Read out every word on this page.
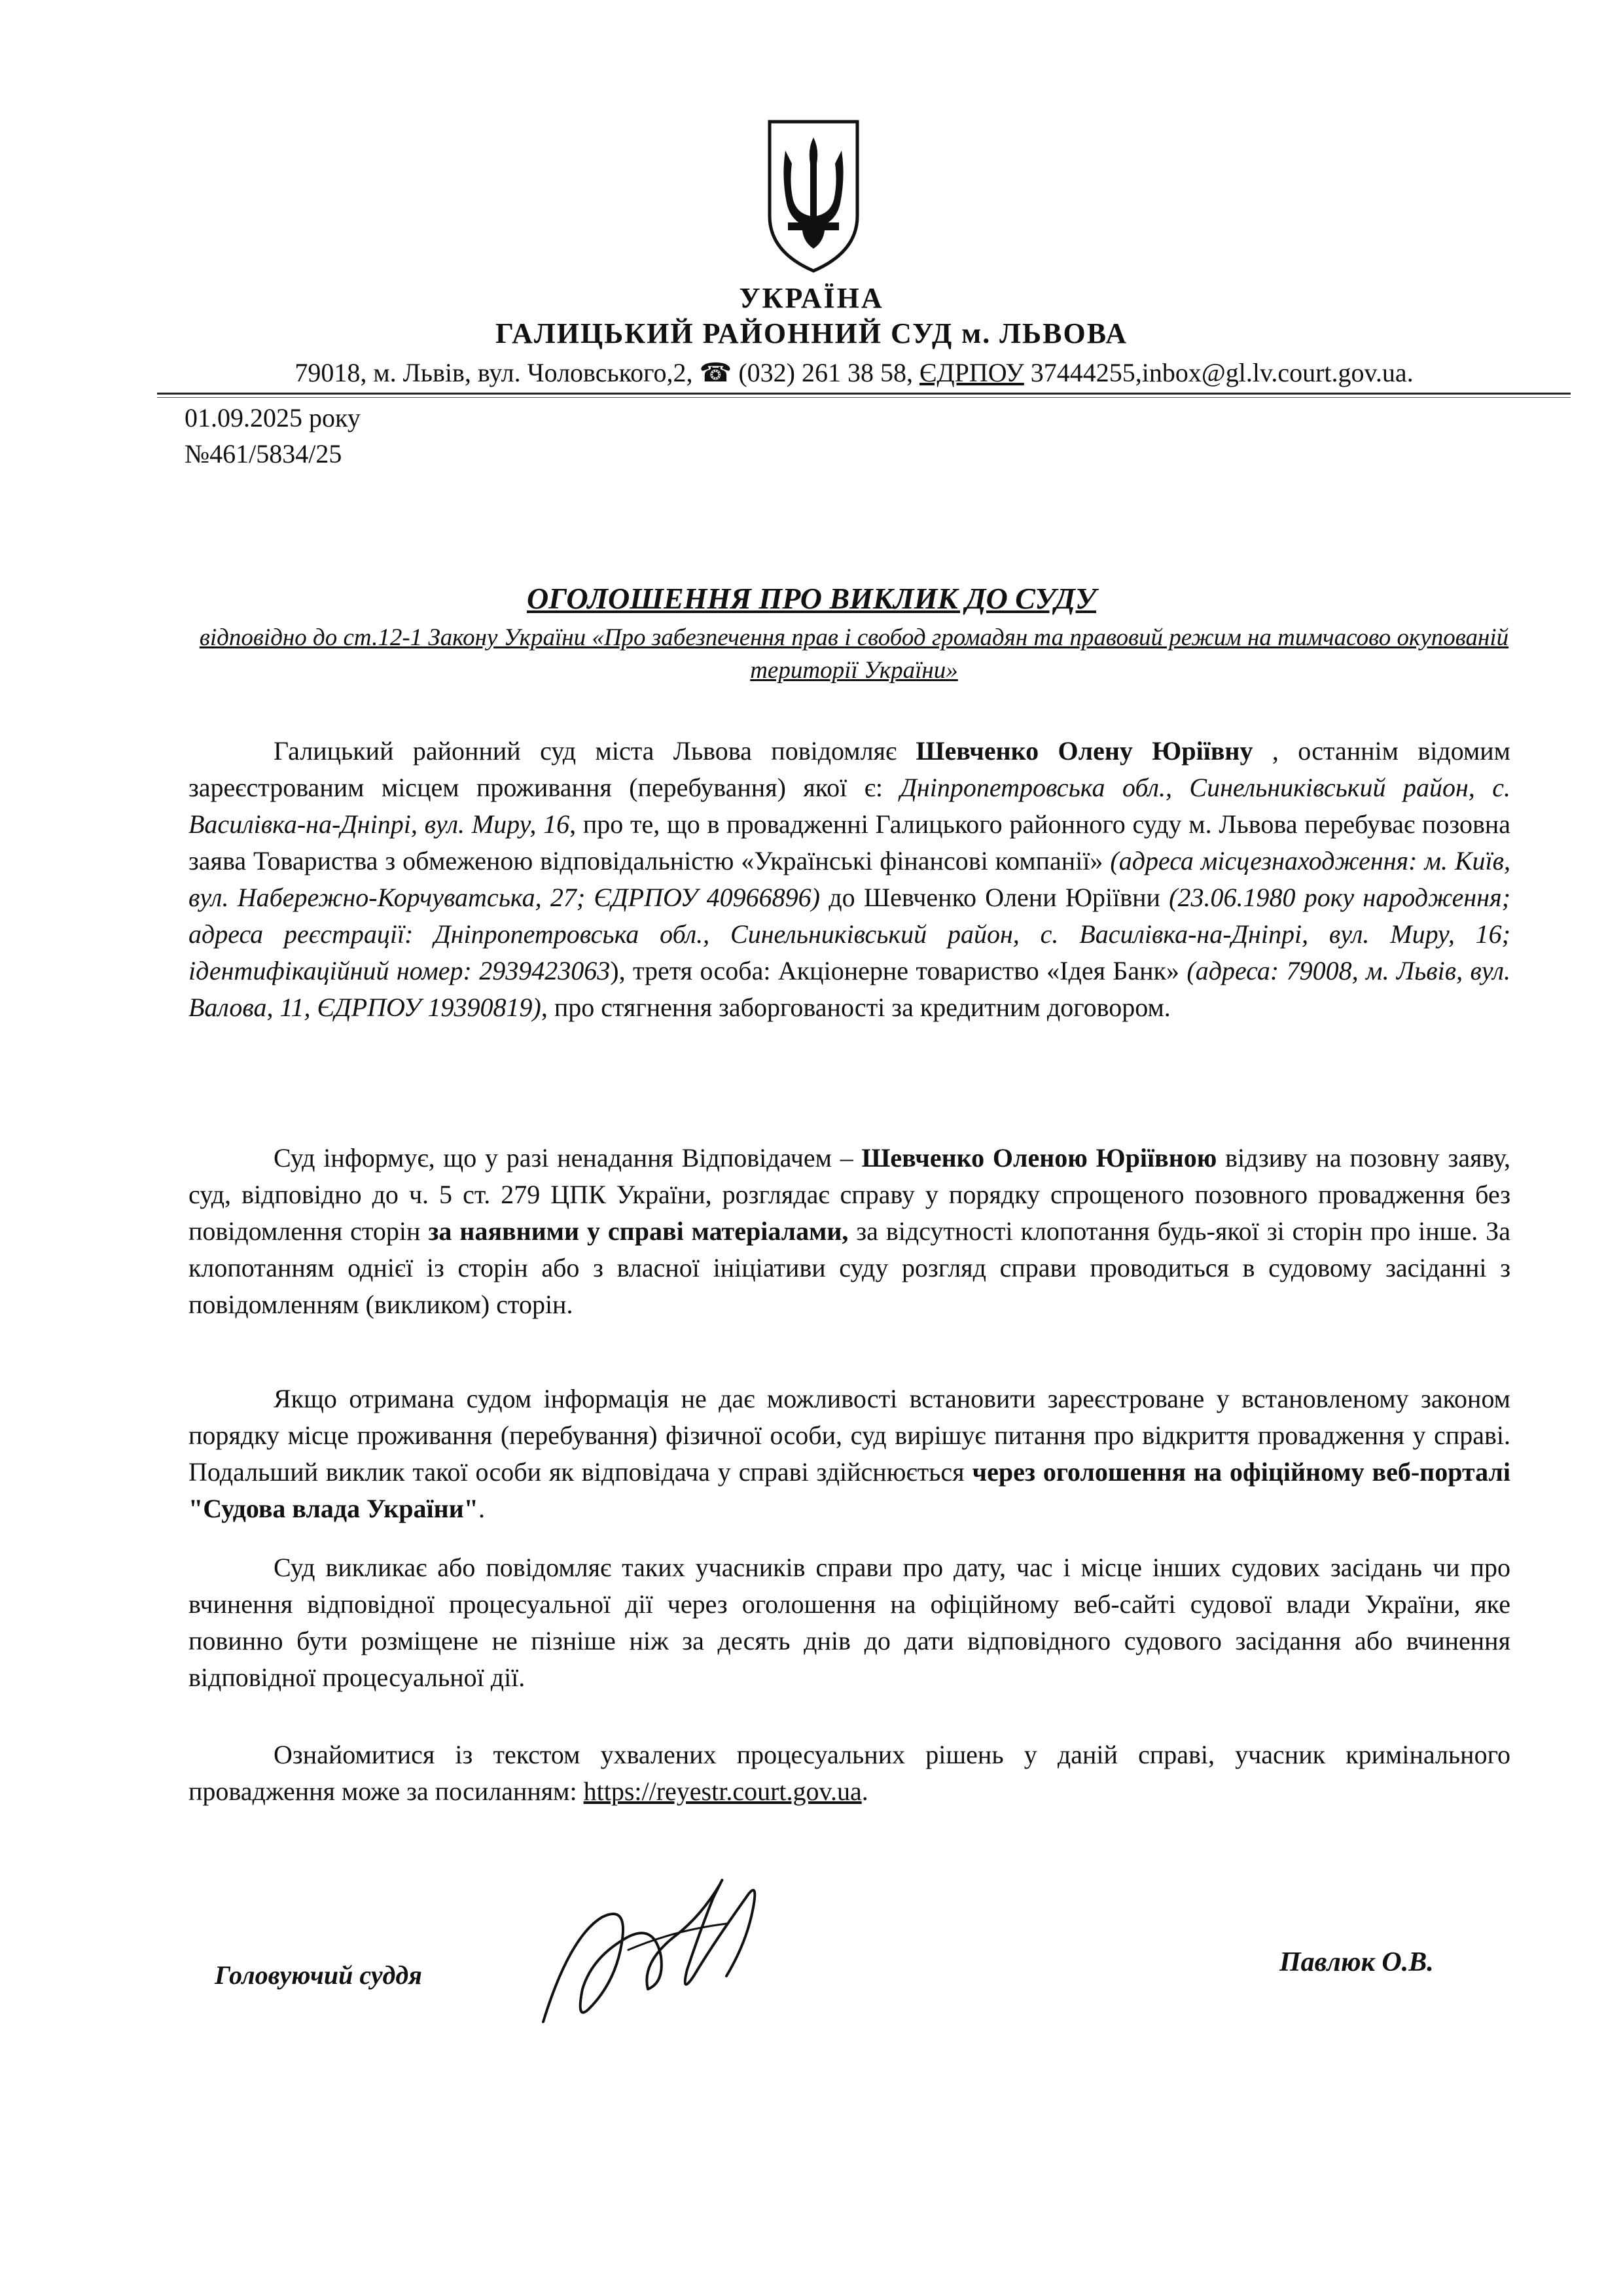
УКРАЇНА
ГАЛИЦЬКИЙ РАЙОННИЙ СУД м. ЛЬВОВА
79018, м. Львів, вул. Чоловського,2, ☎ (032) 261 38 58, ЄДРПОУ 37444255,inbox@gl.lv.court.gov.ua.
01.09.2025 року
№461/5834/25
ОГОЛОШЕННЯ ПРО ВИКЛИК ДО СУДУ
відповідно до ст.12-1 Закону України «Про забезпечення прав і свобод громадян та правовий режим на тимчасово окупованій території України»

Галицький районний суд міста Львова повідомляє Шевченко Олену Юріївну , останнім відомим зареєстрованим місцем проживання (перебування) якої є: Дніпропетровська обл., Синельниківський район, с. Василівка-на-Дніпрі, вул. Миру, 16, про те, що в провадженні Галицького районного суду м. Львова перебуває позовна заява Товариства з обмеженою відповідальністю «Українські фінансові компанії» (адреса місцезнаходження: м. Київ, вул. Набережно-Корчуватська, 27; ЄДРПОУ 40966896) до Шевченко Олени Юріївни (23.06.1980 року народження; адреса реєстрації: Дніпропетровська обл., Синельниківський район, с. Василівка-на-Дніпрі, вул. Миру, 16; ідентифікаційний номер: 2939423063), третя особа: Акціонерне товариство «Ідея Банк» (адреса: 79008, м. Львів, вул. Валова, 11, ЄДРПОУ 19390819), про стягнення заборгованості за кредитним договором.

Суд інформує, що у разі ненадання Відповідачем – Шевченко Оленою Юріївною відзиву на позовну заяву, суд, відповідно до ч. 5 ст. 279 ЦПК України, розглядає справу у порядку спрощеного позовного провадження без повідомлення сторін за наявними у справі матеріалами, за відсутності клопотання будь-якої зі сторін про інше. За клопотанням однієї із сторін або з власної ініціативи суду розгляд справи проводиться в судовому засіданні з повідомленням (викликом) сторін.

Якщо отримана судом інформація не дає можливості встановити зареєстроване у встановленому законом порядку місце проживання (перебування) фізичної особи, суд вирішує питання про відкриття провадження у справі. Подальший виклик такої особи як відповідача у справі здійснюється через оголошення на офіційному веб-порталі "Судова влада України".

Суд викликає або повідомляє таких учасників справи про дату, час і місце інших судових засідань чи про вчинення відповідної процесуальної дії через оголошення на офіційному веб-сайті судової влади України, яке повинно бути розміщене не пізніше ніж за десять днів до дати відповідного судового засідання або вчинення відповідної процесуальної дії.

Ознайомитися із текстом ухвалених процесуальних рішень у даній справі, учасник кримінального провадження може за посиланням: https://reyestr.court.gov.ua.

Головуючий суддя	Павлюк О.В.
